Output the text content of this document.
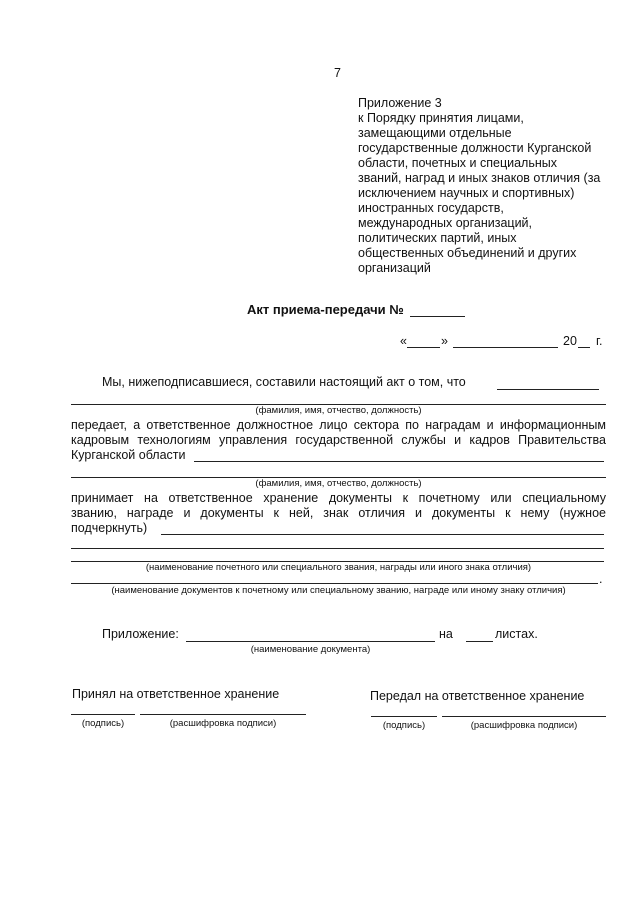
7
Приложение 3
к Порядку принятия лицами,
замещающими отдельные
государственные должности Курганской
области, почетных и специальных
званий, наград и иных знаков отличия (за
исключением научных и спортивных)
иностранных государств,
международных организаций,
политических партий, иных
общественных объединений и других
организаций
Акт приема-передачи №
«	»	20 г.
Мы, нижеподписавшиеся, составили настоящий акт о том, что
(фамилия, имя, отчество, должность)
передает, а ответственное должностное лицо сектора по наградам и информационным
кадровым технологиям управления государственной службы и кадров Правительства
Курганской области
(фамилия, имя, отчество, должность)
принимает на ответственное хранение документы к почетному или специальному
званию, награде и документы к ней, знак отличия и документы к нему (нужное
подчеркнуть)
(наименование почетного или специального звания, награды или иного знака отличия)
.
(наименование документов к почетному или специальному званию, награде или иному знаку отличия)
Приложение:	на	листах.
(наименование документа)
Принял на ответственное хранение
(подпись)	(расшифровка подписи)
Передал на ответственное хранение
(подпись)	(расшифровка подписи)
